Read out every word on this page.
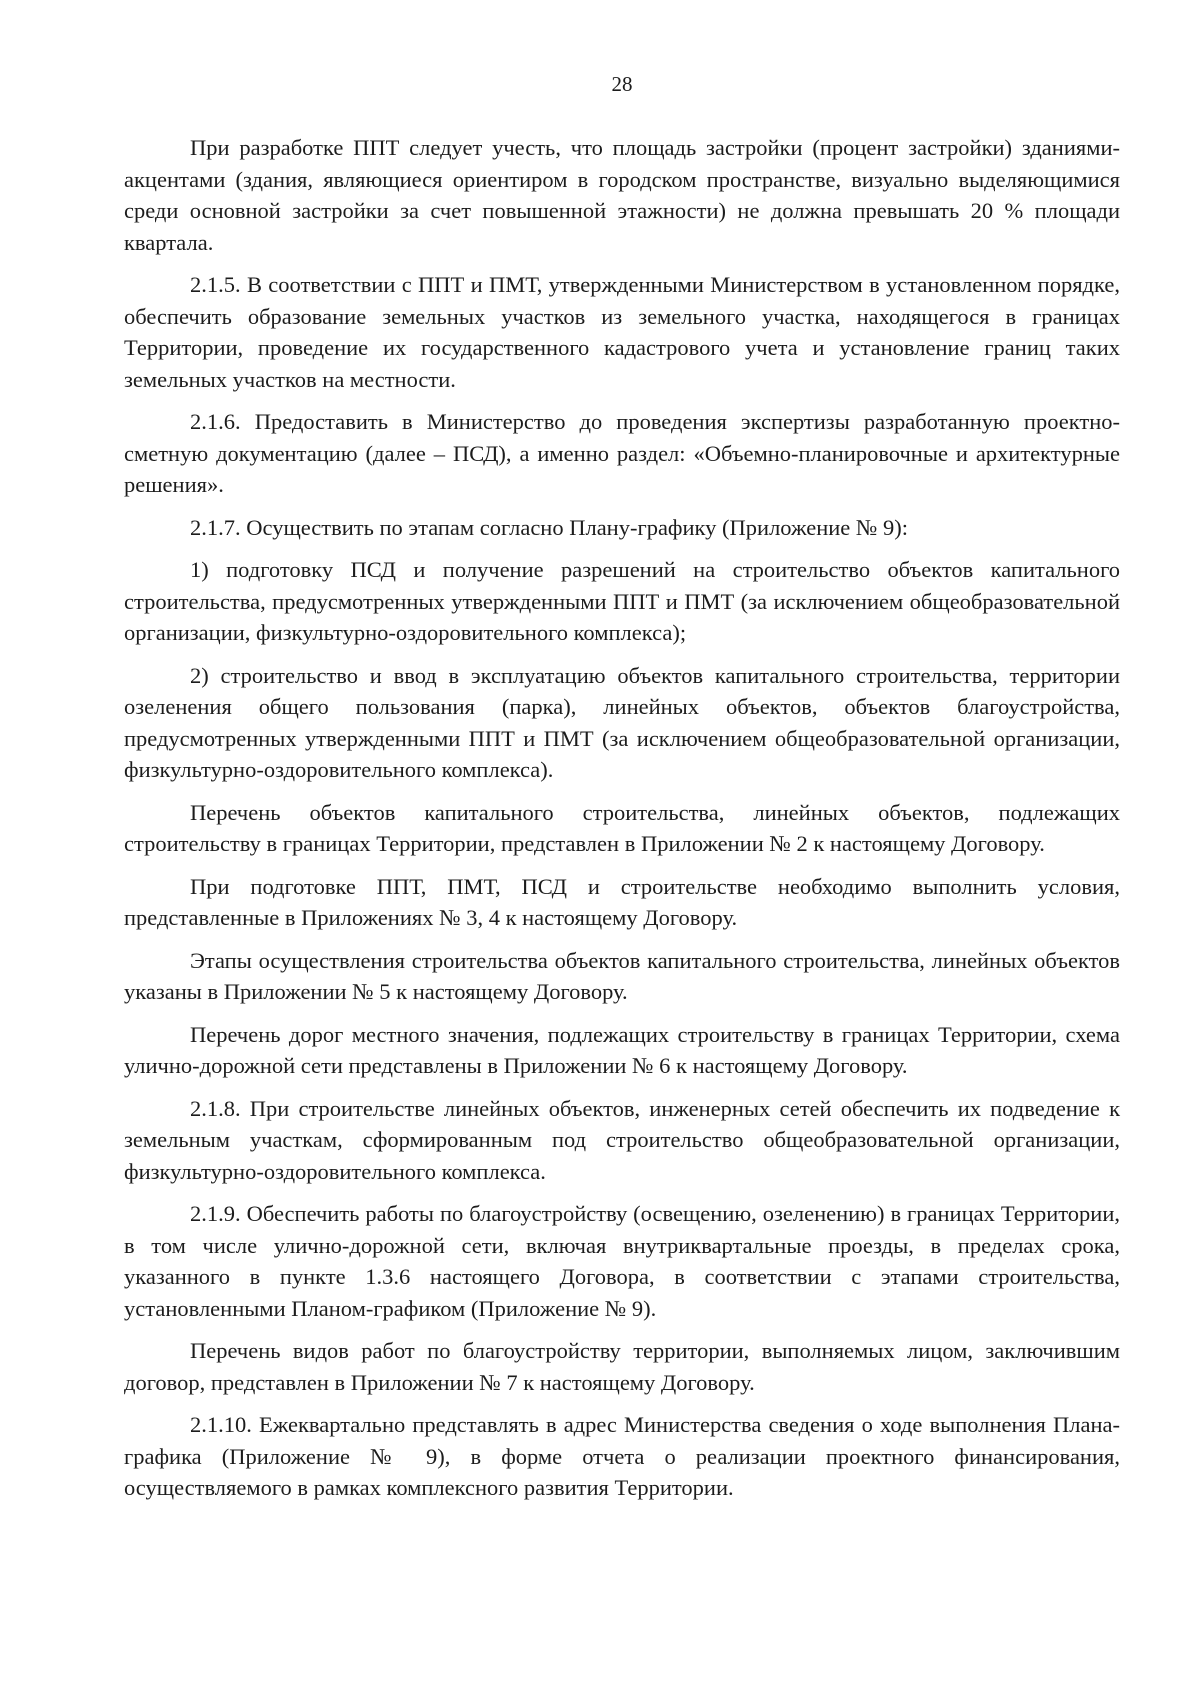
28

При разработке ППТ следует учесть, что площадь застройки (процент застройки) зданиями-акцентами (здания, являющиеся ориентиром в городском пространстве, визуально выделяющимися среди основной застройки за счет повышенной этажности) не должна превышать 20 % площади квартала.

2.1.5. В соответствии с ППТ и ПМТ, утвержденными Министерством в установленном порядке, обеспечить образование земельных участков из земельного участка, находящегося в границах Территории, проведение их государственного кадастрового учета и установление границ таких земельных участков на местности.

2.1.6. Предоставить в Министерство до проведения экспертизы разработанную проектно-сметную документацию (далее – ПСД), а именно раздел: «Объемно-планировочные и архитектурные решения».

2.1.7. Осуществить по этапам согласно Плану-графику (Приложение № 9):

1) подготовку ПСД и получение разрешений на строительство объектов капитального строительства, предусмотренных утвержденными ППТ и ПМТ (за исключением общеобразовательной организации, физкультурно-оздоровительного комплекса);

2) строительство и ввод в эксплуатацию объектов капитального строительства, территории озеленения общего пользования (парка), линейных объектов, объектов благоустройства, предусмотренных утвержденными ППТ и ПМТ (за исключением общеобразовательной организации, физкультурно-оздоровительного комплекса).

Перечень объектов капитального строительства, линейных объектов, подлежащих строительству в границах Территории, представлен в Приложении № 2 к настоящему Договору.

При подготовке ППТ, ПМТ, ПСД и строительстве необходимо выполнить условия, представленные в Приложениях № 3, 4 к настоящему Договору.

Этапы осуществления строительства объектов капитального строительства, линейных объектов указаны в Приложении № 5 к настоящему Договору.

Перечень дорог местного значения, подлежащих строительству в границах Территории, схема улично-дорожной сети представлены в Приложении № 6 к настоящему Договору.

2.1.8. При строительстве линейных объектов, инженерных сетей обеспечить их подведение к земельным участкам, сформированным под строительство общеобразовательной организации, физкультурно-оздоровительного комплекса.

2.1.9. Обеспечить работы по благоустройству (освещению, озеленению) в границах Территории, в том числе улично-дорожной сети, включая внутриквартальные проезды, в пределах срока, указанного в пункте 1.3.6 настоящего Договора, в соответствии с этапами строительства, установленными Планом-графиком (Приложение № 9).

Перечень видов работ по благоустройству территории, выполняемых лицом, заключившим договор, представлен в Приложении № 7 к настоящему Договору.

2.1.10. Ежеквартально представлять в адрес Министерства сведения о ходе выполнения Плана-графика (Приложение № 9), в форме отчета о реализации проектного финансирования, осуществляемого в рамках комплексного развития Территории.
